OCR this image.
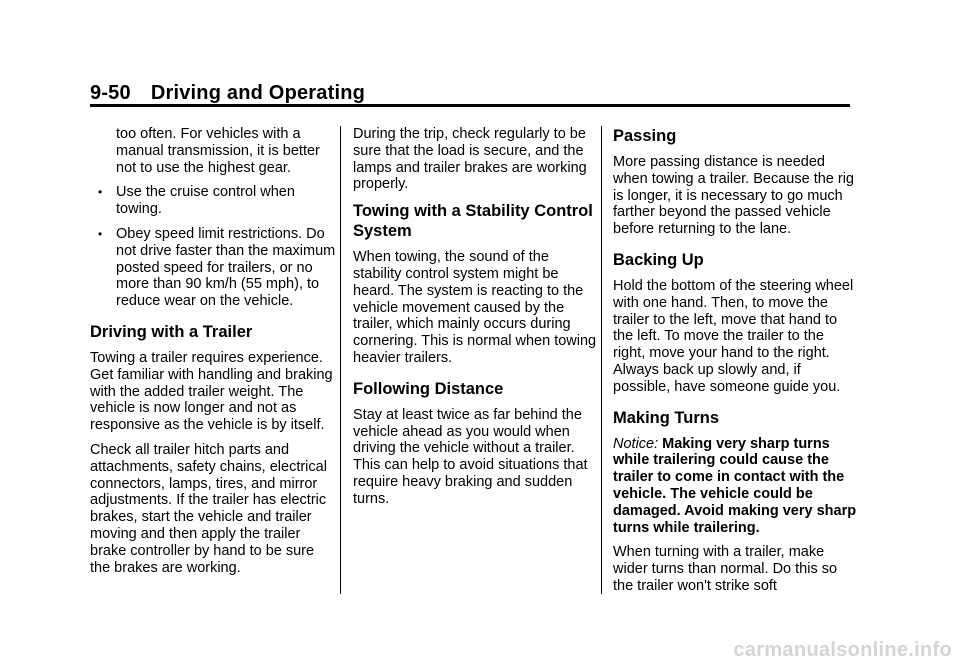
9-50 Driving and Operating

too often. For vehicles with a manual transmission, it is better not to use the highest gear.

• Use the cruise control when towing.
• Obey speed limit restrictions. Do not drive faster than the maximum posted speed for trailers, or no more than 90 km/h (55 mph), to reduce wear on the vehicle.
Driving with a Trailer

Towing a trailer requires experience. Get familiar with handling and braking with the added trailer weight. The vehicle is now longer and not as responsive as the vehicle is by itself.

Check all trailer hitch parts and attachments, safety chains, electrical connectors, lamps, tires, and mirror adjustments. If the trailer has electric brakes, start the vehicle and trailer moving and then apply the trailer brake controller by hand to be sure the brakes are working.

During the trip, check regularly to be sure that the load is secure, and the lamps and trailer brakes are working properly.

Towing with a Stability Control System

When towing, the sound of the stability control system might be heard. The system is reacting to the vehicle movement caused by the trailer, which mainly occurs during cornering. This is normal when towing heavier trailers.

Following Distance

Stay at least twice as far behind the vehicle ahead as you would when driving the vehicle without a trailer. This can help to avoid situations that require heavy braking and sudden turns.

Passing

More passing distance is needed when towing a trailer. Because the rig is longer, it is necessary to go much farther beyond the passed vehicle before returning to the lane.

Backing Up

Hold the bottom of the steering wheel with one hand. Then, to move the trailer to the left, move that hand to the left. To move the trailer to the right, move your hand to the right. Always back up slowly and, if possible, have someone guide you.

Making Turns

Notice: Making very sharp turns while trailering could cause the trailer to come in contact with the vehicle. The vehicle could be damaged. Avoid making very sharp turns while trailering.

When turning with a trailer, make wider turns than normal. Do this so the trailer won't strike soft

carmanualsonline.info
